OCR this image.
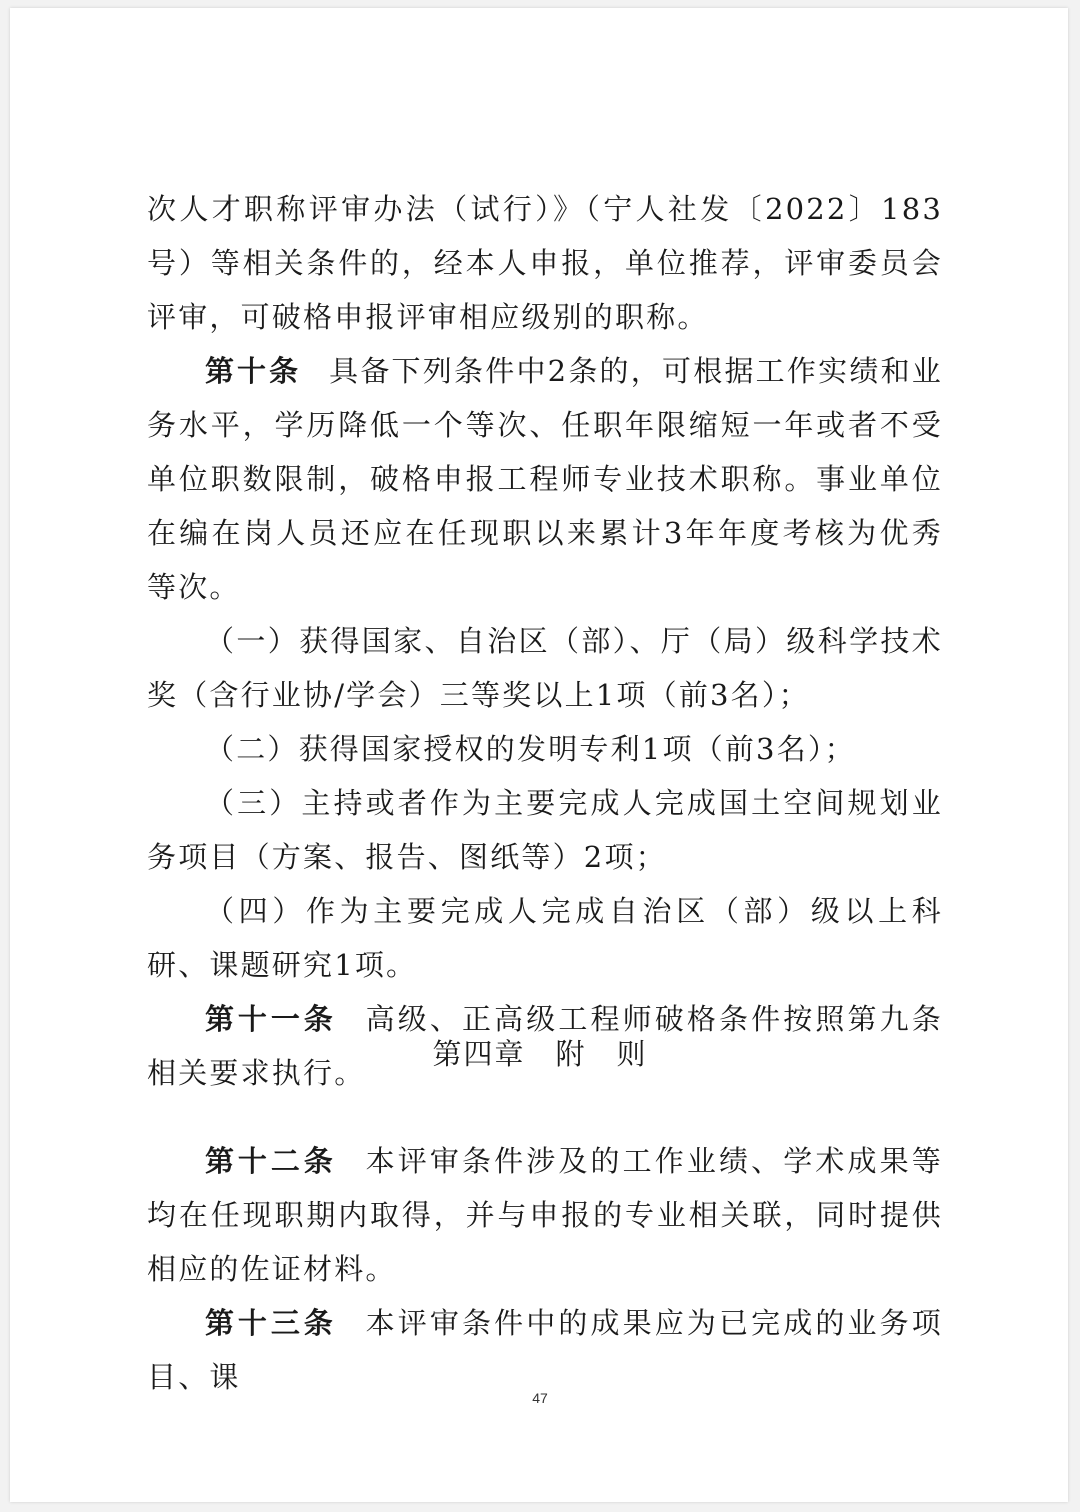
次人才职称评审办法（试行）》（宁人社发〔2022〕183号）等相关条件的，经本人申报，单位推荐，评审委员会评审，可破格申报评审相应级别的职称。
第十条 具备下列条件中2条的，可根据工作实绩和业务水平，学历降低一个等次、任职年限缩短一年或者不受单位职数限制，破格申报工程师专业技术职称。事业单位在编在岗人员还应在任现职以来累计3年年度考核为优秀等次。
（一）获得国家、自治区（部）、厅（局）级科学技术奖（含行业协/学会）三等奖以上1项（前3名）；
（二）获得国家授权的发明专利1项（前3名）；
（三）主持或者作为主要完成人完成国土空间规划业务项目（方案、报告、图纸等）2项；
（四）作为主要完成人完成自治区（部）级以上科研、课题研究1项。
第十一条 高级、正高级工程师破格条件按照第九条相关要求执行。
第四章 附 则
第十二条 本评审条件涉及的工作业绩、学术成果等均在任现职期内取得，并与申报的专业相关联，同时提供相应的佐证材料。
第十三条 本评审条件中的成果应为已完成的业务项目、课
47
